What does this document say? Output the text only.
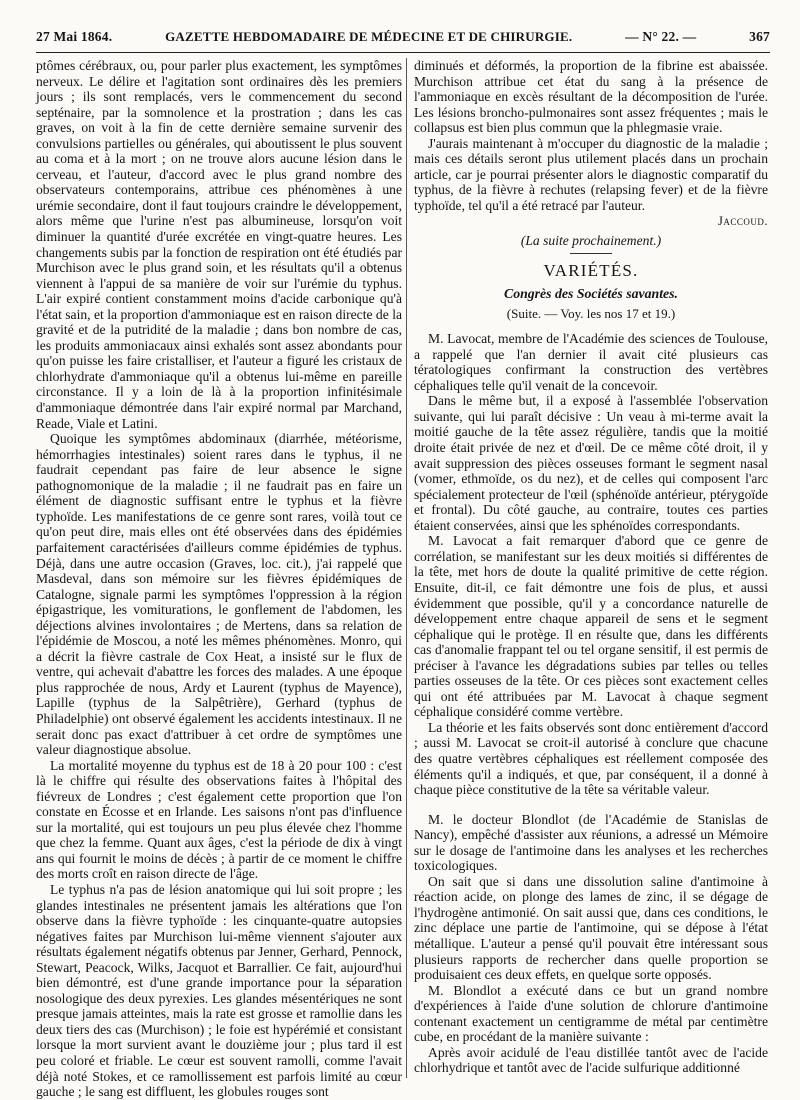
27 Mai 1864.	GAZETTE HEBDOMADAIRE DE MÉDECINE ET DE CHIRURGIE.	— N° 22. —	367

ptômes cérébraux, ou, pour parler plus exactement, les symptômes nerveux. Le délire et l'agitation sont ordinaires dès les premiers jours ; ils sont remplacés, vers le commencement du second septénaire, par la somnolence et la prostration ; dans les cas graves, on voit à la fin de cette dernière semaine survenir des convulsions partielles ou générales, qui aboutissent le plus souvent au coma et à la mort ; on ne trouve alors aucune lésion dans le cerveau, et l'auteur, d'accord avec le plus grand nombre des observateurs contemporains, attribue ces phénomènes à une urémie secondaire, dont il faut toujours craindre le développement, alors même que l'urine n'est pas albumineuse, lorsqu'on voit diminuer la quantité d'urée excrétée en vingt-quatre heures. Les changements subis par la fonction de respiration ont été étudiés par Murchison avec le plus grand soin, et les résultats qu'il a obtenus viennent à l'appui de sa manière de voir sur l'urémie du typhus. L'air expiré contient constamment moins d'acide carbonique qu'à l'état sain, et la proportion d'ammoniaque est en raison directe de la gravité et de la putridité de la maladie ; dans bon nombre de cas, les produits ammoniacaux ainsi exhalés sont assez abondants pour qu'on puisse les faire cristalliser, et l'auteur a figuré les cristaux de chlorhydrate d'ammoniaque qu'il a obtenus lui-même en pareille circonstance. Il y a loin de là à la proportion infinitésimale d'ammoniaque démontrée dans l'air expiré normal par Marchand, Reade, Viale et Latini.

Quoique les symptômes abdominaux (diarrhée, météorisme, hémorrhagies intestinales) soient rares dans le typhus, il ne faudrait cependant pas faire de leur absence le signe pathognomonique de la maladie ; il ne faudrait pas en faire un élément de diagnostic suffisant entre le typhus et la fièvre typhoïde. Les manifestations de ce genre sont rares, voilà tout ce qu'on peut dire, mais elles ont été observées dans des épidémies parfaitement caractérisées d'ailleurs comme épidémies de typhus. Déjà, dans une autre occasion (Graves, loc. cit.), j'ai rappelé que Masdeval, dans son mémoire sur les fièvres épidémiques de Catalogne, signale parmi les symptômes l'oppression à la région épigastrique, les vomiturations, le gonflement de l'abdomen, les déjections alvines involontaires ; de Mertens, dans sa relation de l'épidémie de Moscou, a noté les mêmes phénomènes. Monro, qui a décrit la fièvre castrale de Cox Heat, a insisté sur le flux de ventre, qui achevait d'abattre les forces des malades. A une époque plus rapprochée de nous, Ardy et Laurent (typhus de Mayence), Lapille (typhus de la Salpêtrière), Gerhard (typhus de Philadelphie) ont observé également les accidents intestinaux. Il ne serait donc pas exact d'attribuer à cet ordre de symptômes une valeur diagnostique absolue.

La mortalité moyenne du typhus est de 18 à 20 pour 100 : c'est là le chiffre qui résulte des observations faites à l'hôpital des fiévreux de Londres ; c'est également cette proportion que l'on constate en Écosse et en Irlande. Les saisons n'ont pas d'influence sur la mortalité, qui est toujours un peu plus élevée chez l'homme que chez la femme. Quant aux âges, c'est la période de dix à vingt ans qui fournit le moins de décès ; à partir de ce moment le chiffre des morts croît en raison directe de l'âge.

Le typhus n'a pas de lésion anatomique qui lui soit propre ; les glandes intestinales ne présentent jamais les altérations que l'on observe dans la fièvre typhoïde : les cinquante-quatre autopsies négatives faites par Murchison lui-même viennent s'ajouter aux résultats également négatifs obtenus par Jenner, Gerhard, Pennock, Stewart, Peacock, Wilks, Jacquot et Barrallier. Ce fait, aujourd'hui bien démontré, est d'une grande importance pour la séparation nosologique des deux pyrexies. Les glandes mésentériques ne sont presque jamais atteintes, mais la rate est grosse et ramollie dans les deux tiers des cas (Murchison) ; le foie est hypérémié et consistant lorsque la mort survient avant le douzième jour ; plus tard il est peu coloré et friable. Le cœur est souvent ramolli, comme l'avait déjà noté Stokes, et ce ramollissement est parfois limité au cœur gauche ; le sang est diffluent, les globules rouges sont

diminués et déformés, la proportion de la fibrine est abaissée. Murchison attribue cet état du sang à la présence de l'ammoniaque en excès résultant de la décomposition de l'urée. Les lésions broncho-pulmonaires sont assez fréquentes ; mais le collapsus est bien plus commun que la phlegmasie vraie.

J'aurais maintenant à m'occuper du diagnostic de la maladie ; mais ces détails seront plus utilement placés dans un prochain article, car je pourrai présenter alors le diagnostic comparatif du typhus, de la fièvre à rechutes (relapsing fever) et de la fièvre typhoïde, tel qu'il a été retracé par l'auteur.

Jaccoud.

(La suite prochainement.)

VARIÉTÉS.

Congrès des Sociétés savantes.

(Suite. — Voy. les nos 17 et 19.)

M. Lavocat, membre de l'Académie des sciences de Toulouse, a rappelé que l'an dernier il avait cité plusieurs cas tératologiques confirmant la construction des vertèbres céphaliques telle qu'il venait de la concevoir.

Dans le même but, il a exposé à l'assemblée l'observation suivante, qui lui paraît décisive : Un veau à mi-terme avait la moitié gauche de la tête assez régulière, tandis que la moitié droite était privée de nez et d'œil. De ce même côté droit, il y avait suppression des pièces osseuses formant le segment nasal (vomer, ethmoïde, os du nez), et de celles qui composent l'arc spécialement protecteur de l'œil (sphénoïde antérieur, ptérygoïde et frontal). Du côté gauche, au contraire, toutes ces parties étaient conservées, ainsi que les sphénoïdes correspondants.

M. Lavocat a fait remarquer d'abord que ce genre de corrélation, se manifestant sur les deux moitiés si différentes de la tête, met hors de doute la qualité primitive de cette région. Ensuite, dit-il, ce fait démontre une fois de plus, et aussi évidemment que possible, qu'il y a concordance naturelle de développement entre chaque appareil de sens et le segment céphalique qui le protège. Il en résulte que, dans les différents cas d'anomalie frappant tel ou tel organe sensitif, il est permis de préciser à l'avance les dégradations subies par telles ou telles parties osseuses de la tête. Or ces pièces sont exactement celles qui ont été attribuées par M. Lavocat à chaque segment céphalique considéré comme vertèbre.

La théorie et les faits observés sont donc entièrement d'accord ; aussi M. Lavocat se croit-il autorisé à conclure que chacune des quatre vertèbres céphaliques est réellement composée des éléments qu'il a indiqués, et que, par conséquent, il a donné à chaque pièce constitutive de la tête sa véritable valeur.

M. le docteur Blondlot (de l'Académie de Stanislas de Nancy), empêché d'assister aux réunions, a adressé un Mémoire sur le dosage de l'antimoine dans les analyses et les recherches toxicologiques.

On sait que si dans une dissolution saline d'antimoine à réaction acide, on plonge des lames de zinc, il se dégage de l'hydrogène antimonié. On sait aussi que, dans ces conditions, le zinc déplace une partie de l'antimoine, qui se dépose à l'état métallique. L'auteur a pensé qu'il pouvait être intéressant sous plusieurs rapports de rechercher dans quelle proportion se produisaient ces deux effets, en quelque sorte opposés.

M. Blondlot a exécuté dans ce but un grand nombre d'expériences à l'aide d'une solution de chlorure d'antimoine contenant exactement un centigramme de métal par centimètre cube, en procédant de la manière suivante :

Après avoir acidulé de l'eau distillée tantôt avec de l'acide chlorhydrique et tantôt avec de l'acide sulfurique additionné
